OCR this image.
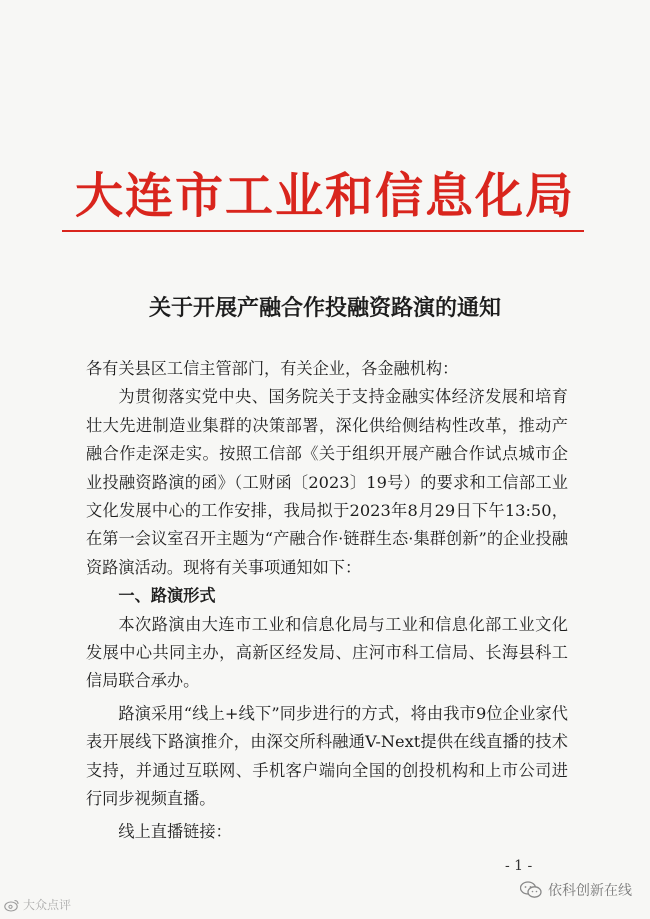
大连市工业和信息化局
关于开展产融合作投融资路演的通知

各有关县区工信主管部门，有关企业，各金融机构：

为贯彻落实党中央、国务院关于支持金融实体经济发展和培育壮大先进制造业集群的决策部署，深化供给侧结构性改革，推动产融合作走深走实。按照工信部《关于组织开展产融合作试点城市企业投融资路演的函》（工财函〔2023〕19号）的要求和工信部工业文化发展中心的工作安排，我局拟于2023年8月29日下午13:50，在第一会议室召开主题为“产融合作·链群生态·集群创新”的企业投融资路演活动。现将有关事项通知如下：

一、路演形式

本次路演由大连市工业和信息化局与工业和信息化部工业文化发展中心共同主办，高新区经发局、庄河市科工信局、长海县科工信局联合承办。

路演采用“线上+线下”同步进行的方式，将由我市9位企业家代表开展线下路演推介，由深交所科融通V-Next提供在线直播的技术支持，并通过互联网、手机客户端向全国的创投机构和上市公司进行同步视频直播。

线上直播链接：

- 1 -
依科创新在线
大众点评
